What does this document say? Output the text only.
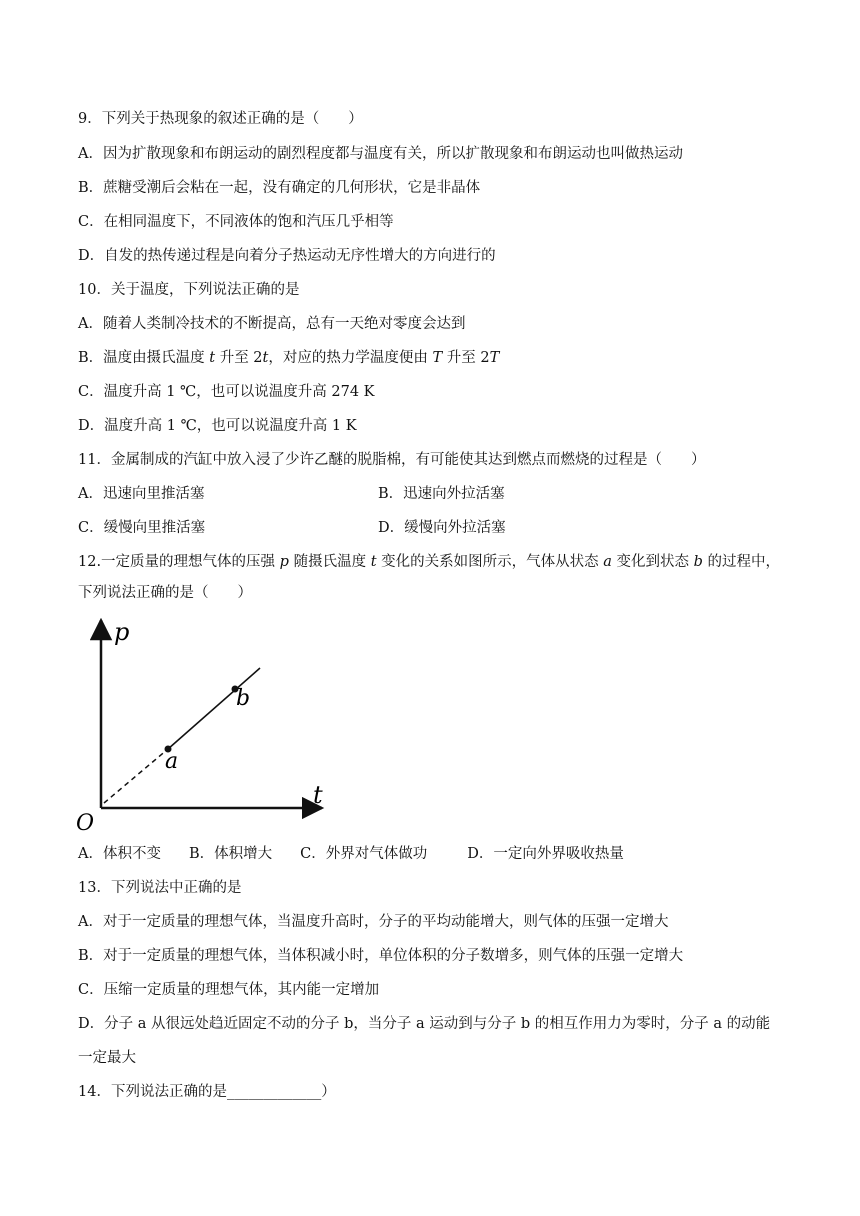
9．下列关于热现象的叙述正确的是（　　）
A．因为扩散现象和布朗运动的剧烈程度都与温度有关，所以扩散现象和布朗运动也叫做热运动
B．蔗糖受潮后会粘在一起，没有确定的几何形状，它是非晶体
C．在相同温度下，不同液体的饱和汽压几乎相等
D．自发的热传递过程是向着分子热运动无序性增大的方向进行的
10．关于温度，下列说法正确的是
A．随着人类制冷技术的不断提高，总有一天绝对零度会达到
B．温度由摄氏温度 t 升至 2t，对应的热力学温度便由 T 升至 2T
C．温度升高 1 ℃，也可以说温度升高 274 K
D．温度升高 1 ℃，也可以说温度升高 1 K
11．金属制成的汽缸中放入浸了少许乙醚的脱脂棉，有可能使其达到燃点而燃烧的过程是（　　）
A．迅速向里推活塞	B．迅速向外拉活塞
C．缓慢向里推活塞	D．缓慢向外拉活塞
12.一定质量的理想气体的压强 p 随摄氏温度 t 变化的关系如图所示，气体从状态 a 变化到状态 b 的过程中，
下列说法正确的是（　　）
p
t
O
a
b
A．体积不变 B．体积增大 C．外界对气体做功	D．一定向外界吸收热量
13．下列说法中正确的是
A．对于一定质量的理想气体，当温度升高时，分子的平均动能增大，则气体的压强一定增大
B．对于一定质量的理想气体，当体积减小时，单位体积的分子数增多，则气体的压强一定增大
C．压缩一定质量的理想气体，其内能一定增加
D．分子 a 从很远处趋近固定不动的分子 b，当分子 a 运动到与分子 b 的相互作用力为零时，分子 a 的动能
一定最大
14．下列说法正确的是_____________）
